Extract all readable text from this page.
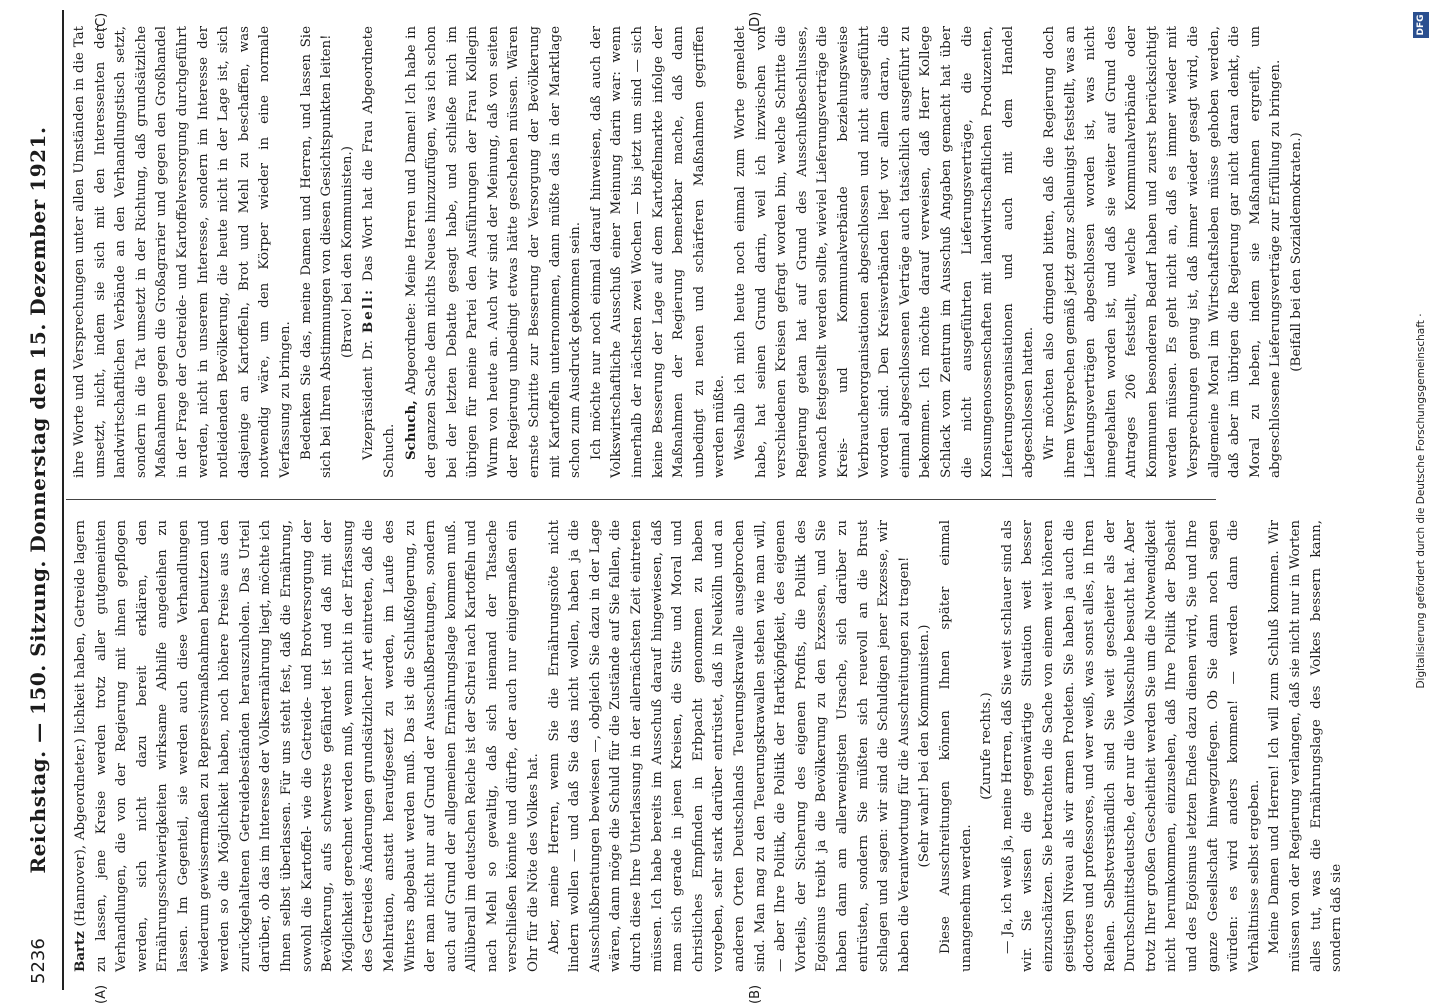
5236
Reichstag. — 150. Sitzung. Donnerstag den 15. Dezember 1921.
(A)	(B)
(C)	(D)

Bartz (Hannover), Abgeordneter.) lichkeit haben, Getreide lagern zu lassen, jene Kreise werden trotz aller gutgemeinten Verhandlungen, die von der Regierung mit ihnen gepflogen werden, sich nicht dazu bereit erklären, den Ernährungsschwierigkeiten wirksame Abhilfe angedeihen zu lassen. Im Gegenteil, sie werden auch diese Verhandlungen wiederum gewissermaßen zu Repressivmaßnahmen benutzen und werden so die Möglichkeit haben, noch höhere Preise aus den zurückgehaltenen Getreidebeständen herauszuholen. Das Urteil darüber, ob das im Interesse der Volksernährung liegt, möchte ich Ihnen selbst überlassen. Für uns steht fest, daß die Ernährung, sowohl die Kartoffel- wie die Getreide- und Brotversorgung der Bevölkerung, aufs schwerste gefährdet ist und daß mit der Möglichkeit gerechnet werden muß, wenn nicht in der Erfassung des Getreides Änderungen grundsätzlicher Art eintreten, daß die Mehlration, anstatt heraufgesetzt zu werden, im Laufe des Winters abgebaut werden muß. Das ist die Schlußfolgerung, zu der man nicht nur auf Grund der Ausschußberatungen, sondern auch auf Grund der allgemeinen Ernährungslage kommen muß. Allüberall im deutschen Reiche ist der Schrei nach Kartoffeln und nach Mehl so gewaltig, daß sich niemand der Tatsache verschließen könnte und dürfte, der auch nur einigermaßen ein Ohr für die Nöte des Volkes hat. Aber, meine Herren, wenn Sie die Ernährungsnöte nicht lindern wollen — und daß Sie das nicht wollen, haben ja die Ausschußberatungen bewiesen —, obgleich Sie dazu in der Lage wären, dann möge die Schuld für die Zustände auf Sie fallen, die durch diese Ihre Unterlassung in der allernächsten Zeit eintreten müssen. Ich habe bereits im Ausschuß darauf hingewiesen, daß man sich gerade in jenen Kreisen, die Sitte und Moral und christliches Empfinden in Erbpacht genommen zu haben vorgeben, sehr stark darüber entrüstet, daß in Neukölln und an anderen Orten Deutschlands Teuerungskrawalle ausgebrochen sind. Man mag zu den Teuerungskrawallen stehen wie man will, — aber Ihre Politik, die Politik der Hartköpfigkeit, des eigenen Vorteils, der Sicherung des eigenen Profits, die Politik des Egoismus treibt ja die Bevölkerung zu den Exzessen, und Sie haben dann am allerwenigsten Ursache, sich darüber zu entrüsten, sondern Sie müßten sich reuevoll an die Brust schlagen und sagen: wir sind die Schuldigen jener Exzesse, wir haben die Verantwortung für die Ausschreitungen zu tragen! (Sehr wahr! bei den Kommunisten.) Diese Ausschreitungen können Ihnen später einmal unangenehm werden.

(Zurufe rechts.) — Ja, ich weiß ja, meine Herren, daß Sie weit schlauer sind als wir. Sie wissen die gegenwärtige Situation weit besser einzuschätzen. Sie betrachten die Sache von einem weit höheren geistigen Niveau als wir armen Proleten. Sie haben ja auch die doctores und professores, und wer weiß, was sonst alles, in Ihren Reihen. Selbstverständlich sind Sie weit gescheiter als der Durchschnittsdeutsche, der nur die Volksschule besucht hat. Aber trotz Ihrer großen Gescheitheit werden Sie um die Notwendigkeit nicht herumkommen, einzusehen, daß Ihre Politik der Bosheit und des Egoismus letzten Endes dazu dienen wird, Sie und Ihre ganze Gesellschaft hinwegzufegen. Ob Sie dann noch sagen würden: es wird anders kommen! — werden dann die Verhältnisse selbst ergeben. Meine Damen und Herren! Ich will zum Schluß kommen. Wir müssen von der Regierung verlangen, daß sie nicht nur in Worten alles tut, was die Ernährungslage des Volkes bessern kann, sondern daß sie

ihre Worte und Versprechungen unter allen Umständen in die Tat umsetzt, nicht, indem sie sich mit den Interessenten der landwirtschaftlichen Verbände an den Verhandlungstisch setzt, sondern in die Tat umsetzt in der Richtung, daß grundsätzliche Maßnahmen gegen die Großagrarier und gegen den Großhandel in der Frage der Getreide- und Kartoffelversorgung durchgeführt werden, nicht in unserem Interesse, sondern im Interesse der notleidenden Bevölkerung, die heute nicht in der Lage ist, sich dasjenige an Kartoffeln, Brot und Mehl zu beschaffen, was notwendig wäre, um den Körper wieder in eine normale Verfassung zu bringen. Bedenken Sie das, meine Damen und Herren, und lassen Sie sich bei Ihren Abstimmungen von diesen Gesichtspunkten leiten! (Bravo! bei den Kommunisten.)

Vizepräsident Dr. Bell: Das Wort hat die Frau Abgeordnete Schuch. Schuch, Abgeordnete: Meine Herren und Damen! Ich habe in der ganzen Sache dem nichts Neues hinzuzufügen, was ich schon bei der letzten Debatte gesagt habe, und schließe mich im übrigen für meine Partei den Ausführungen der Frau Kollegin Wurm von heute an. Auch wir sind der Meinung, daß von seiten der Regierung unbedingt etwas hätte geschehen müssen. Wären ernste Schritte zur Besserung der Versorgung der Bevölkerung mit Kartoffeln unternommen, dann müßte das in der Marktlage schon zum Ausdruck gekommen sein. Ich möchte nur noch einmal darauf hinweisen, daß auch der Volkswirtschaftliche Ausschuß einer Meinung darin war: wenn innerhalb der nächsten zwei Wochen — bis jetzt um sind — sich keine Besserung der Lage auf dem Kartoffelmarkte infolge der Maßnahmen der Regierung bemerkbar mache, daß dann unbedingt zu neuen und schärferen Maßnahmen gegriffen werden müßte. Weshalb ich mich heute noch einmal zum Worte gemeldet habe, hat seinen Grund darin, weil ich inzwischen von verschiedenen Kreisen gefragt worden bin, welche Schritte die Regierung getan hat auf Grund des Ausschußbeschlusses, wonach festgestellt werden sollte, wieviel Lieferungsverträge die Kreis- und Kommunalverbände beziehungsweise Verbraucherorganisationen abgeschlossen und nicht ausgeführt worden sind. Den Kreisverbänden liegt vor allem daran, die einmal abgeschlossenen Verträge auch tatsächlich ausgeführt zu bekommen. Ich möchte darauf verweisen, daß Herr Kollege Schlack vom Zentrum im Ausschuß Angaben gemacht hat über die nicht ausgeführten Lieferungsverträge, die die Konsumgenossenschaften mit landwirtschaftlichen Produzenten, Lieferungsorganisationen und auch mit dem Handel abgeschlossen hatten. Wir möchten also dringend bitten, daß die Regierung doch ihrem Versprechen gemäß jetzt ganz schleunigst feststellt, was an Lieferungsverträgen abgeschlossen worden ist, was nicht innegehalten worden ist, und daß sie weiter auf Grund des Antrages 206 feststellt, welche Kommunalverbände oder Kommunen besonderen Bedarf haben und zuerst berücksichtigt werden müssen. Es geht nicht an, daß es immer wieder mit Versprechungen genug ist, daß immer wieder gesagt wird, die allgemeine Moral im Wirtschaftsleben müsse gehoben werden, daß aber im übrigen die Regierung gar nicht daran denkt, die Moral zu heben, indem sie Maßnahmen ergreift, um abgeschlossene Lieferungsverträge zur Erfüllung zu bringen. (Beifall bei den Sozialdemokraten.)

DFG
Digitalisierung gefördert durch die Deutsche Forschungsgemeinschaft ·
